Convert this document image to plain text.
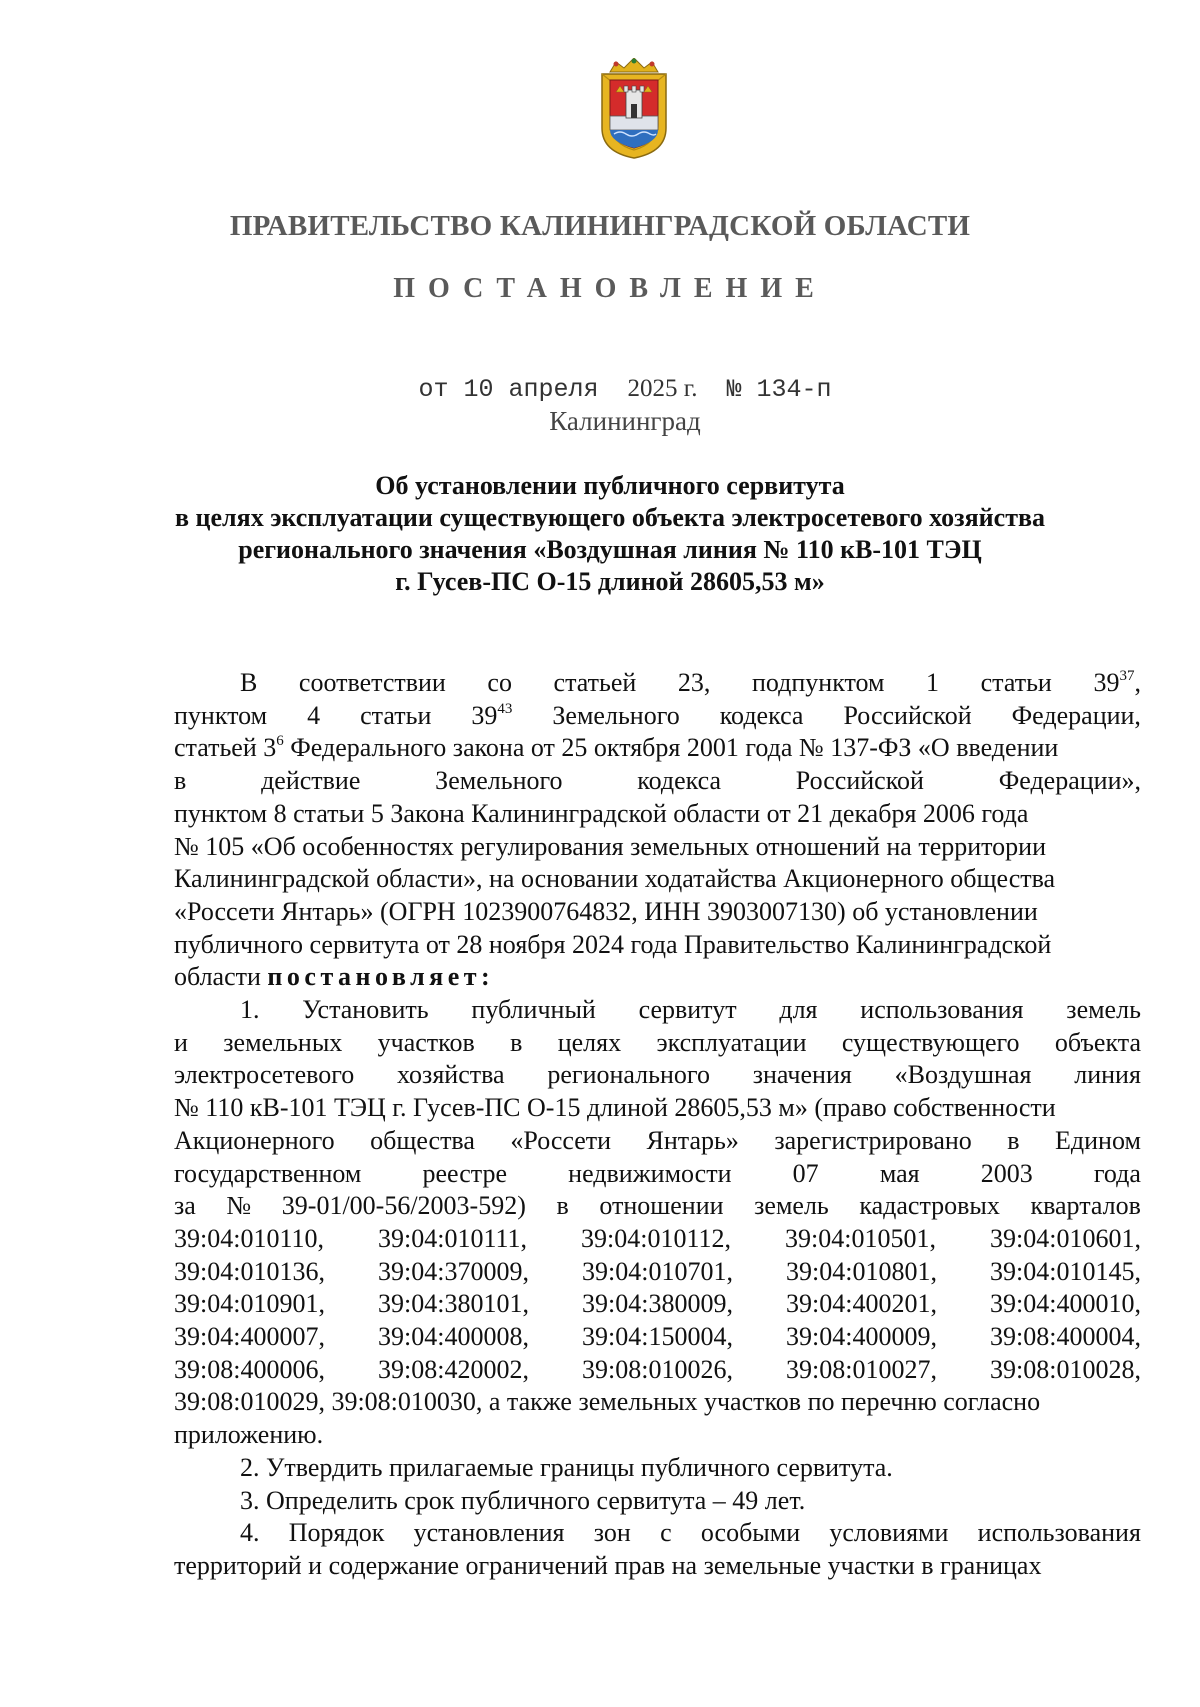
ПРАВИТЕЛЬСТВО КАЛИНИНГРАДСКОЙ ОБЛАСТИ
ПОСТАНОВЛЕНИЕ
от 10 апреля 2025 г. № 134-п
Калининград
Об установлении публичного сервитута
в целях эксплуатации существующего объекта электросетевого хозяйства
регионального значения «Воздушная линия № 110 кВ-101 ТЭЦ
г. Гусев-ПС О-15 длиной 28605,53 м»
В соответствии со статьей 23, подпунктом 1 статьи $39^{37}$,
пунктом 4 статьи $39^{43}$ Земельного кодекса Российской Федерации,
статьей $3^6$ Федерального закона от 25 октября 2001 года № 137-ФЗ «О введении
в	действие	Земельного	кодекса	Российской	Федерации»,
пунктом 8 статьи 5 Закона Калининградской области от 21 декабря 2006 года
№ 105 «Об особенностях регулирования земельных отношений на территории
Калининградской области», на основании ходатайства Акционерного общества
«Россети Янтарь» (ОГРН 1023900764832, ИНН 3903007130) об установлении
публичного сервитута от 28 ноября 2024 года Правительство Калининградской
области постановляет:
1. Установить публичный сервитут для использования земель
и земельных участков в целях эксплуатации существующего объекта
электросетевого хозяйства регионального значения «Воздушная линия
№ 110 кВ-101 ТЭЦ г. Гусев-ПС О-15 длиной 28605,53 м» (право собственности
Акционерного общества «Россети Янтарь» зарегистрировано в Едином
государственном реестре недвижимости 07 мая 2003 года
за № 39-01/00-56/2003-592) в отношении земель кадастровых кварталов
39:04:010110, 39:04:010111, 39:04:010112, 39:04:010501, 39:04:010601,
39:04:010136, 39:04:370009, 39:04:010701, 39:04:010801, 39:04:010145,
39:04:010901, 39:04:380101, 39:04:380009, 39:04:400201, 39:04:400010,
39:04:400007, 39:04:400008, 39:04:150004, 39:04:400009, 39:08:400004,
39:08:400006, 39:08:420002, 39:08:010026, 39:08:010027, 39:08:010028,
39:08:010029, 39:08:010030, а также земельных участков по перечню согласно
приложению.
2. Утвердить прилагаемые границы публичного сервитута.
3. Определить срок публичного сервитута – 49 лет.
4. Порядок установления зон с особыми условиями использования
территорий и содержание ограничений прав на земельные участки в границах
